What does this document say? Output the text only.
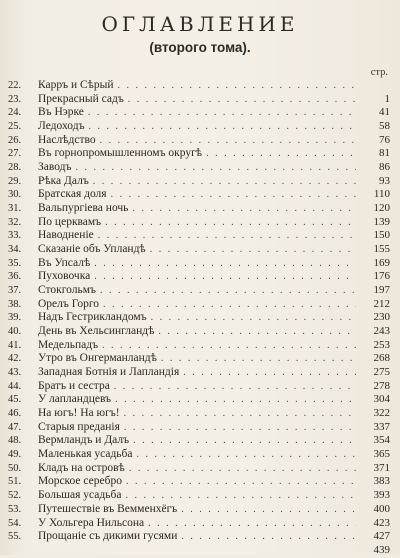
ОГЛАВЛЕНИЕ
(второго тома).
стр.
22.	Карръ и Сѣрый
. . .
23.	Прекрасный садъ . . .	1
24.	Въ Нэрке . . .	41
25.	Ледоходъ . . .	58
26.	Наслѣдство . . .	76
27.	Въ горнопромышленномъ округѣ . . .	81
28.	Заводъ . . .	86
29.	Рѣка Далъ . . .	93
30.	Братская доля . . .	110
31.	Вальпургіева ночь . . .	120
32.	По церквамъ . . .	139
33.	Наводненіе . . .	150
34.	Сказаніе объ Упландѣ . . .	155
35.	Въ Упсалѣ . . .	169
36.	Пуховочка . . .	176
37.	Стокгольмъ . . .	197
38.	Орелъ Горго . . .	212
39.	Надъ Гестрикландомъ . . .	230
40.	День въ Хельсингландѣ . . .	243
41.	Медельпадъ . . .	253
42.	Утро въ Онгерманландѣ . . .	268
43.	Западная Ботнія и Лапландія . . .	275
44.	Братъ и сестра . . .	278
45.	У лапландцевъ . . .	304
46.	На югъ! На югъ! . . .	322
47.	Старыя преданія . . .	337
48.	Вермландъ и Далъ . . .	354
49.	Маленькая усадьба . . .	365
50.	Кладъ на островѣ . . .	371
51.	Морское серебро . . .	383
52.	Большая усадьба . . .	393
53.	Путешествіе въ Вемменхёгъ . . .	400
54.	У Хольгера Нильсона . . .	423
55.	Прощаніе съ дикими гусями . . .	427
439
